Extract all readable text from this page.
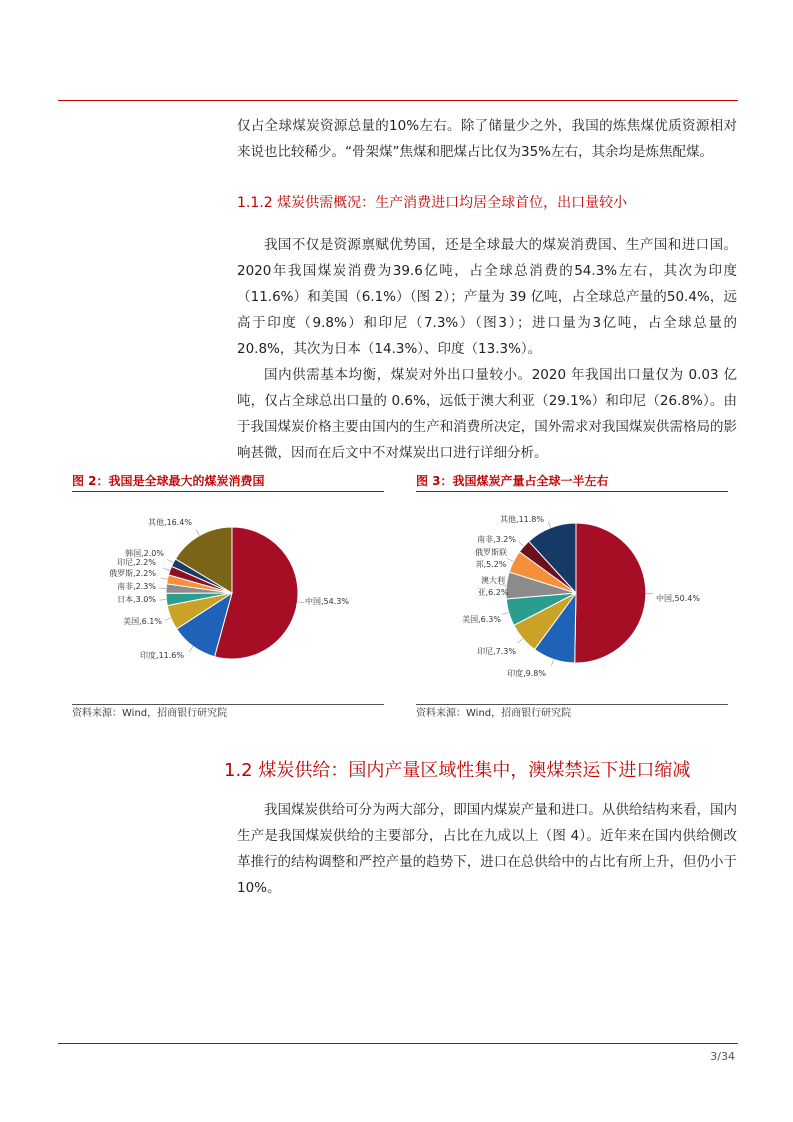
仅占全球煤炭资源总量的10%左右。除了储量少之外，我国的炼焦煤优质资源相对来说也比较稀少。“骨架煤”焦煤和肥煤占比仅为35%左右，其余均是炼焦配煤。

1.1.2 煤炭供需概况：生产消费进口均居全球首位，出口量较小

我国不仅是资源禀赋优势国，还是全球最大的煤炭消费国、生产国和进口国。2020年我国煤炭消费为39.6亿吨，占全球总消费的54.3%左右，其次为印度（11.6%）和美国（6.1%）（图 2）；产量为 39 亿吨，占全球总产量的50.4%，远高于印度（9.8%）和印尼（7.3%）（图3）；进口量为3亿吨，占全球总量的 20.8%，其次为日本（14.3%）、印度（13.3%）。

国内供需基本均衡，煤炭对外出口量较小。2020 年我国出口量仅为 0.03 亿吨，仅占全球总出口量的 0.6%，远低于澳大利亚（29.1%）和印尼（26.8%）。由于我国煤炭价格主要由国内的生产和消费所决定，国外需求对我国煤炭供需格局的影响甚微，因而在后文中不对煤炭出口进行详细分析。

图 2：我国是全球最大的煤炭消费国
中国,54.3%
印度,11.6%
美国,6.1%
日本,3.0%
南非,2.3%
俄罗斯,2.2%
印尼,2.2%
韩国,2.0%
其他,16.4%
资料来源：Wind，招商银行研究院
图 3：我国煤炭产量占全球一半左右
中国,50.4%
印度,9.8%
印尼,7.3%
美国,6.3%
澳大利亚,6.2%
俄罗斯联邦,5.2%
南非,3.2%
其他,11.8%
资料来源：Wind，招商银行研究院
1.2 煤炭供给：国内产量区域性集中，澳煤禁运下进口缩减

我国煤炭供给可分为两大部分，即国内煤炭产量和进口。从供给结构来看，国内生产是我国煤炭供给的主要部分，占比在九成以上（图 4）。近年来在国内供给侧改革推行的结构调整和严控产量的趋势下，进口在总供给中的占比有所上升，但仍小于 10%。

3/34
